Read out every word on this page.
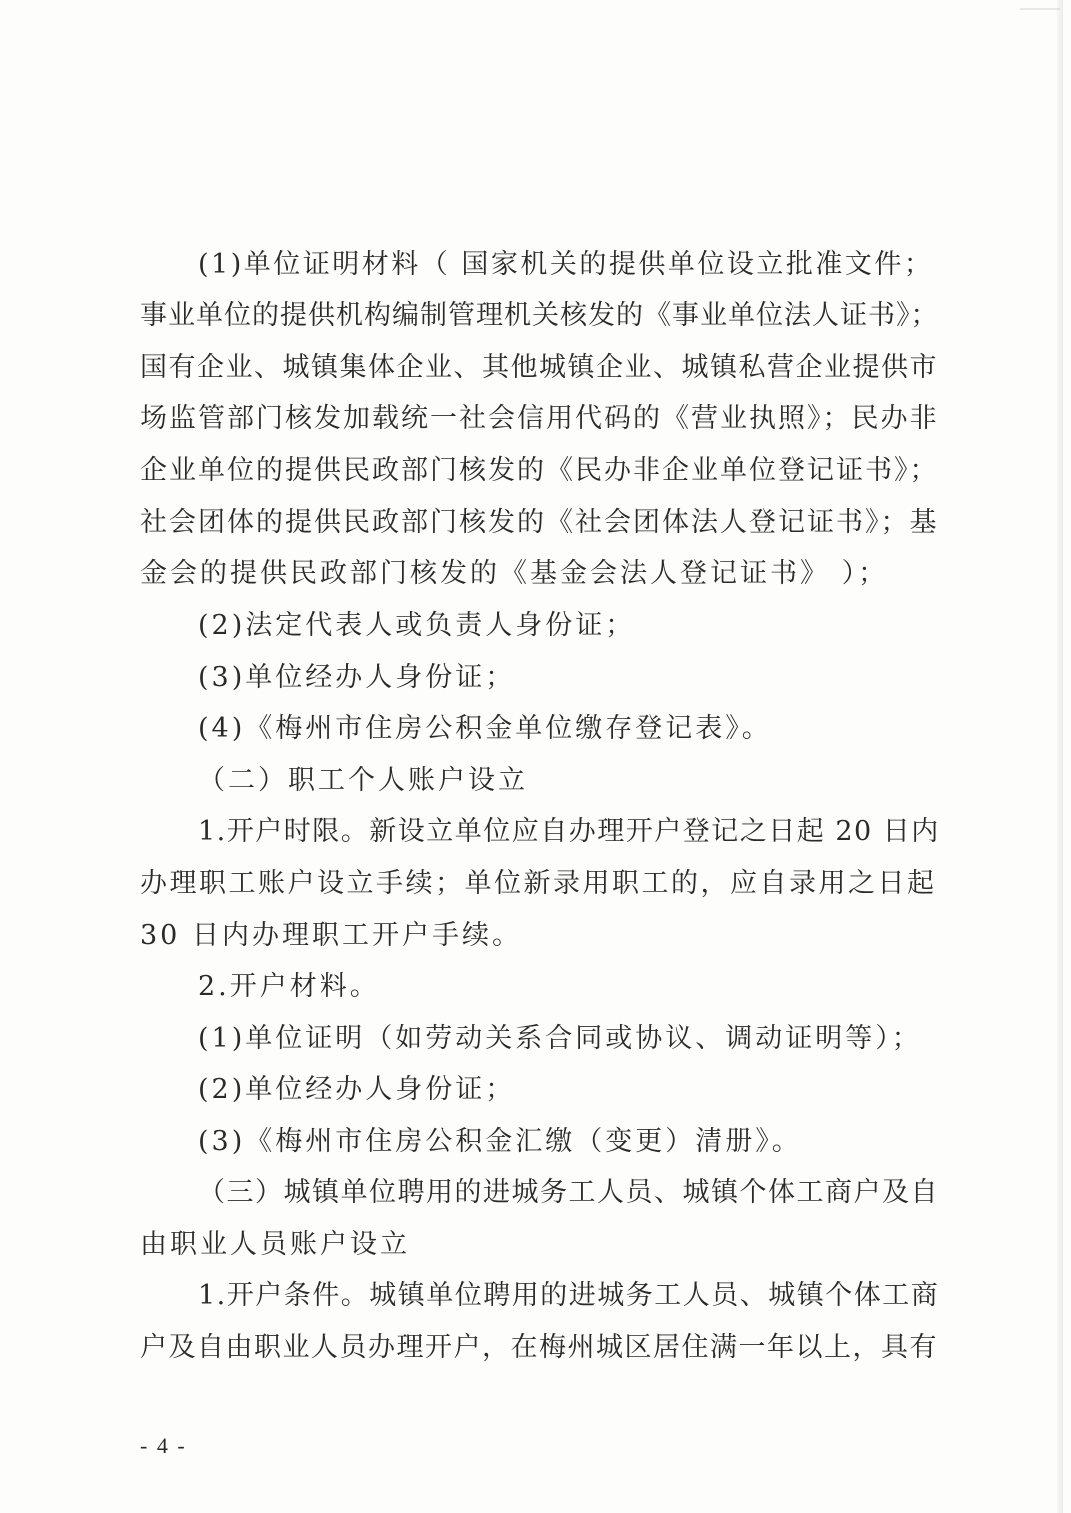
(1)单位证明材料（ 国家机关的提供单位设立批准文件；
事业单位的提供机构编制管理机关核发的《事业单位法人证书》；
国有企业、城镇集体企业、其他城镇企业、城镇私营企业提供市
场监管部门核发加载统一社会信用代码的《营业执照》；民办非
企业单位的提供民政部门核发的《民办非企业单位登记证书》；
社会团体的提供民政部门核发的《社会团体法人登记证书》；基
金会的提供民政部门核发的《基金会法人登记证书》 ）；
(2)法定代表人或负责人身份证；
(3)单位经办人身份证；
(4)《梅州市住房公积金单位缴存登记表》。
（二）职工个人账户设立
1.开户时限。新设立单位应自办理开户登记之日起 20 日内
办理职工账户设立手续；单位新录用职工的，应自录用之日起
30 日内办理职工开户手续。
2.开户材料。
(1)单位证明（如劳动关系合同或协议、调动证明等）；
(2)单位经办人身份证；
(3)《梅州市住房公积金汇缴（变更）清册》。
（三）城镇单位聘用的进城务工人员、城镇个体工商户及自
由职业人员账户设立
1.开户条件。城镇单位聘用的进城务工人员、城镇个体工商
户及自由职业人员办理开户，在梅州城区居住满一年以上，具有
- 4 -
